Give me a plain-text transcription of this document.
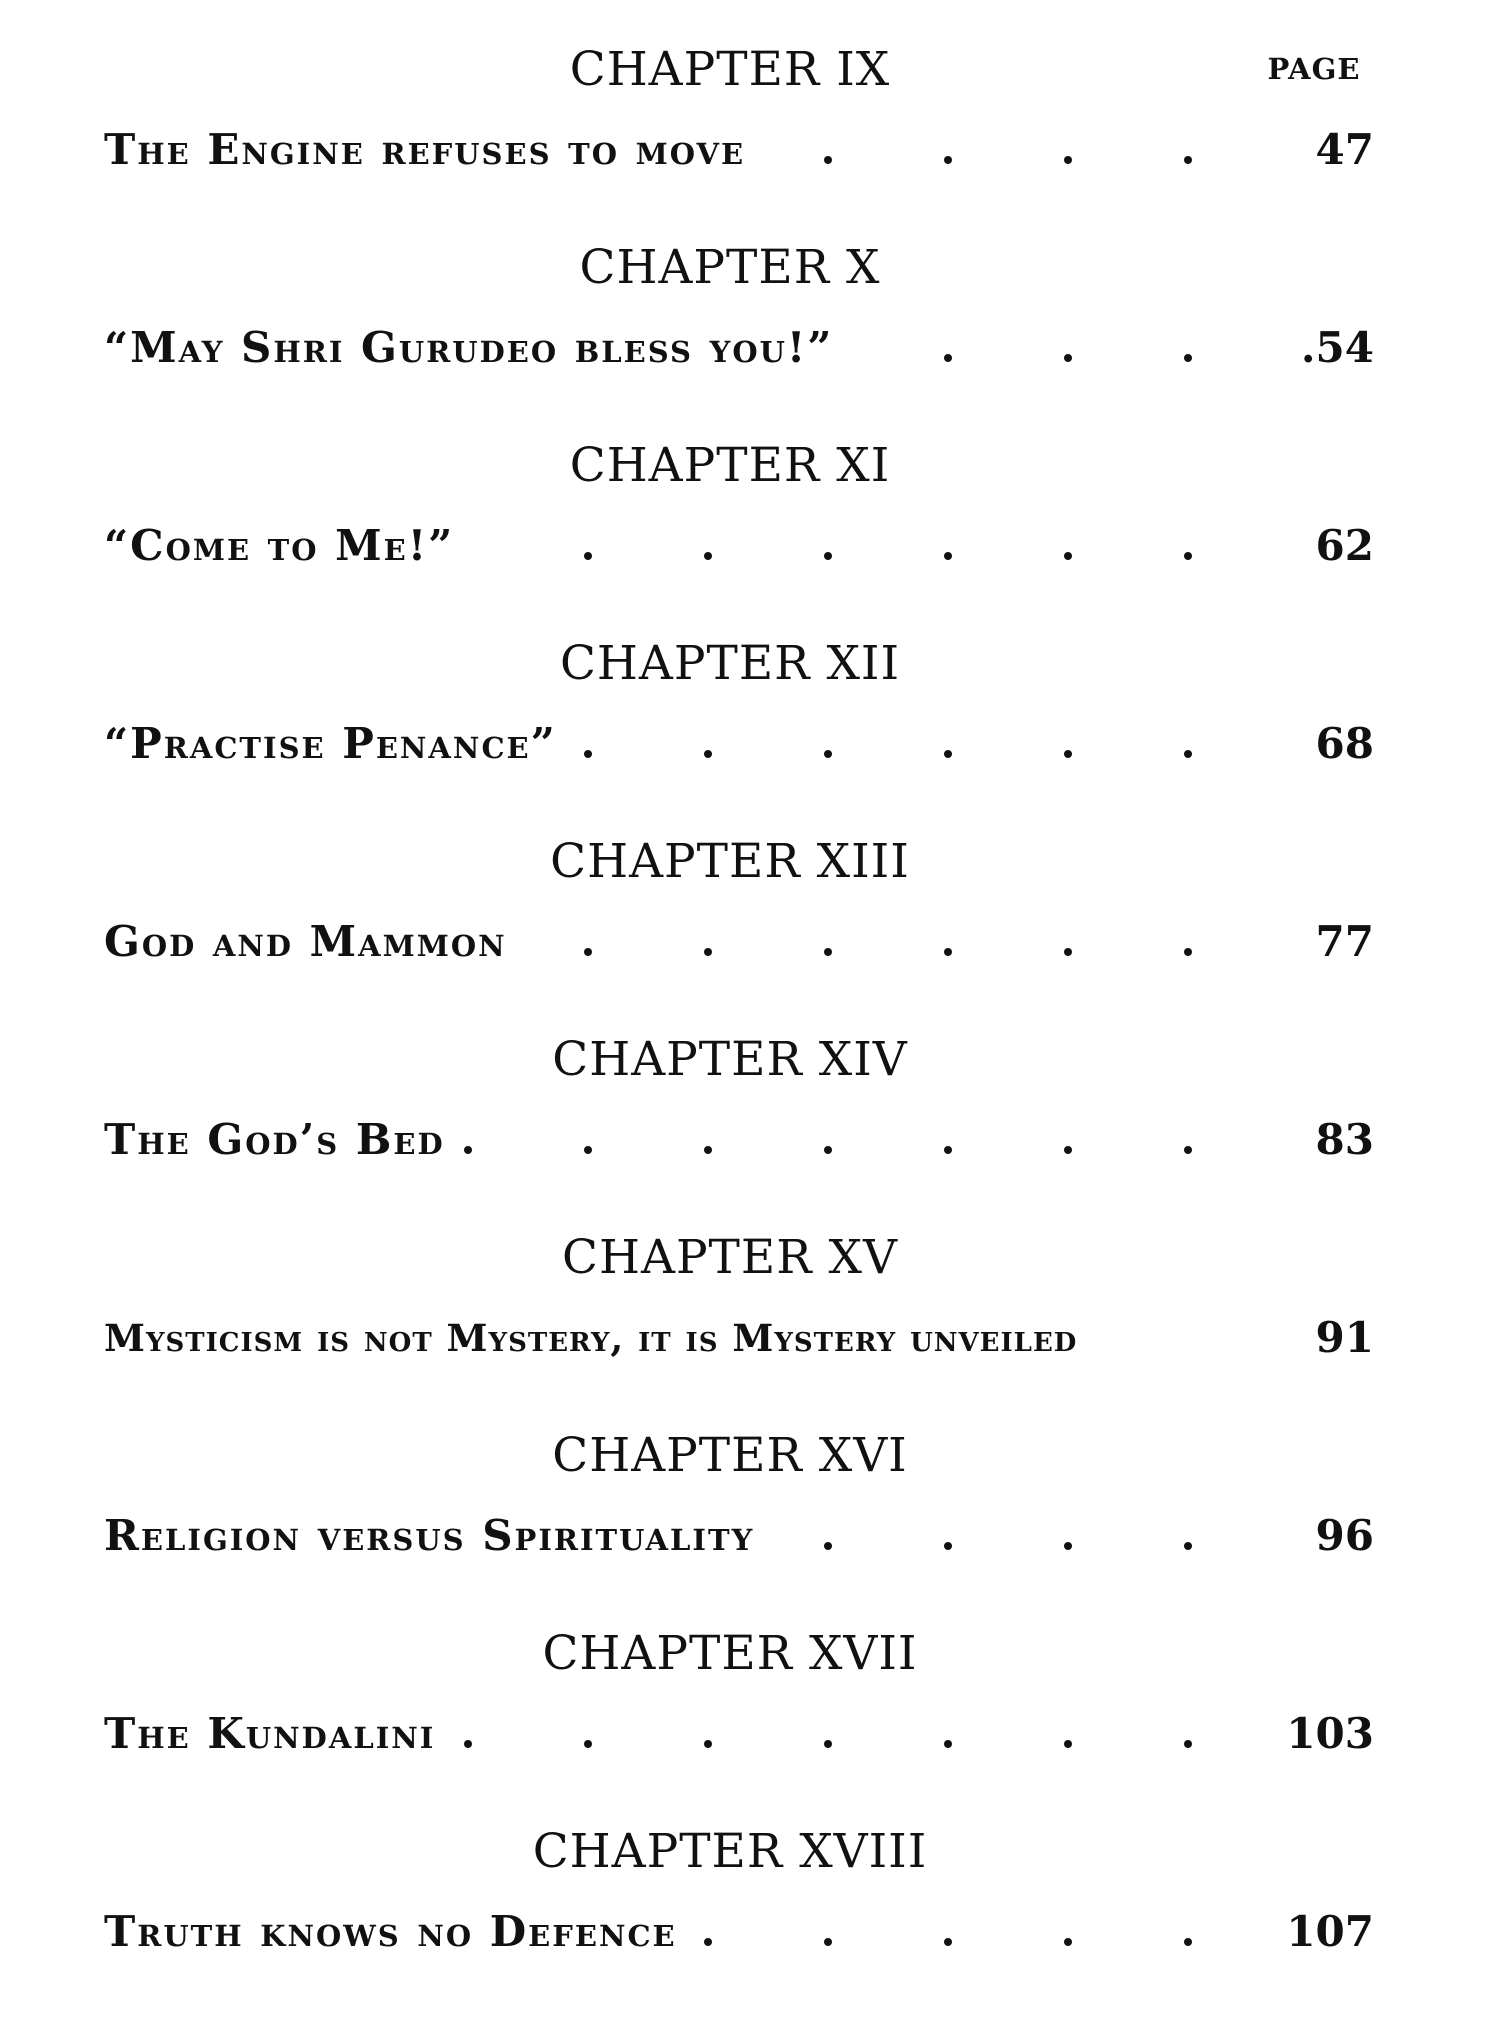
PAGE
CHAPTER IX
The Engine refuses to move	47
CHAPTER X
“May Shri Gurudeo bless you!”	.54
CHAPTER XI
“Come to Me!”	62
CHAPTER XII
“Practise Penance”	68
CHAPTER XIII
God and Mammon	77
CHAPTER XIV
The God’s Bed	83
CHAPTER XV
Mysticism is not Mystery, it is Mystery unveiled	91
CHAPTER XVI
Religion versus Spirituality	96
CHAPTER XVII
The Kundalini	103
CHAPTER XVIII
Truth knows no Defence	107
